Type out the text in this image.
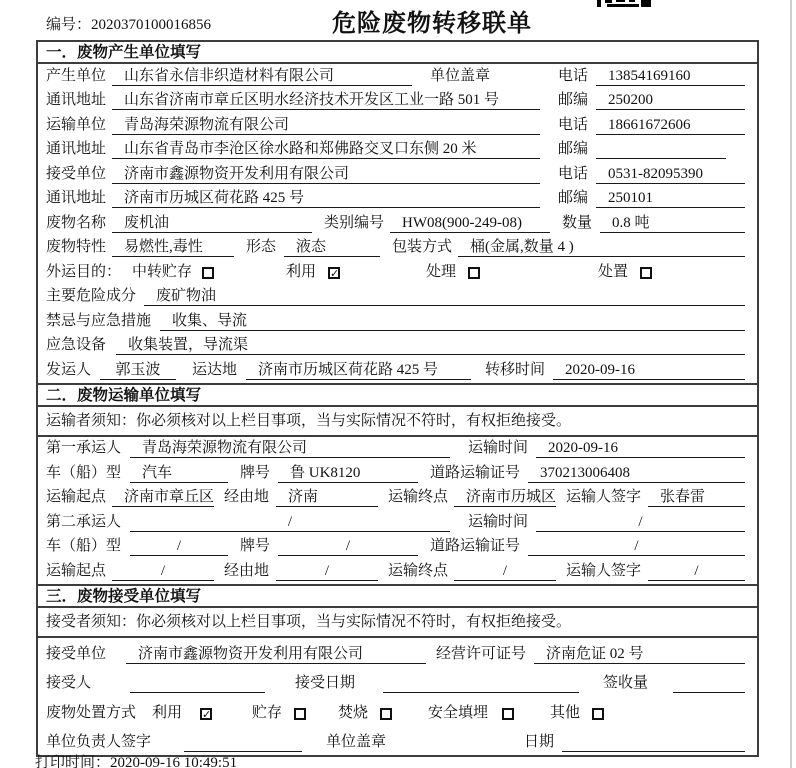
编号：2020370100016856	危险废物转移联单
一．废物产生单位填写
产生单位	山东省永信非织造材料有限公司	单位盖章	电话	13854169160
通讯地址	山东省济南市章丘区明水经济技术开发区工业一路 501 号	邮编	250200
运输单位	青岛海荣源物流有限公司	电话	18661672606
通讯地址	山东省青岛市李沧区徐水路和郑佛路交叉口东侧 20 米	邮编
接受单位	济南市鑫源物资开发利用有限公司	电话	0531-82095390
通讯地址	济南市历城区荷花路 425 号	邮编	250101
废物名称	废机油	类别编号	HW08(900-249-08)	数量	0.8 吨
废物特性	易燃性,毒性	形态	液态	包装方式	桶(金属,数量 4 )
外运目的： 中转贮存	利用 ✓	处理	处置
主要危险成分	废矿物油
禁忌与应急措施	收集、导流
应急设备	收集装置，导流渠
发运人	郭玉波	运达地	济南市历城区荷花路 425 号	转移时间	2020-09-16
二．废物运输单位填写
运输者须知：你必须核对以上栏目事项，当与实际情况不符时，有权拒绝接受。
第一承运人	青岛海荣源物流有限公司	运输时间	2020-09-16
车（船）型	汽车	牌号	鲁 UK8120	道路运输证号	370213006408
运输起点	济南市章丘区 经由地	济南	运输终点	济南市历城区 运输人签字	张春雷
第二承运人	/	运输时间	/
车（船）型	/	牌号	/	道路运输证号	/
运输起点	/	经由地	/	运输终点	/	运输人签字	/
三．废物接受单位填写
接受者须知：你必须核对以上栏目事项，当与实际情况不符时，有权拒绝接受。
接受单位	济南市鑫源物资开发利用有限公司	经营许可证号	济南危证 02 号
接受人	接受日期	签收量
废物处置方式 利用 ✓	贮存	焚烧	安全填埋	其他
单位负责人签字	单位盖章	日期
打印时间：2020-09-16 10:49:51
